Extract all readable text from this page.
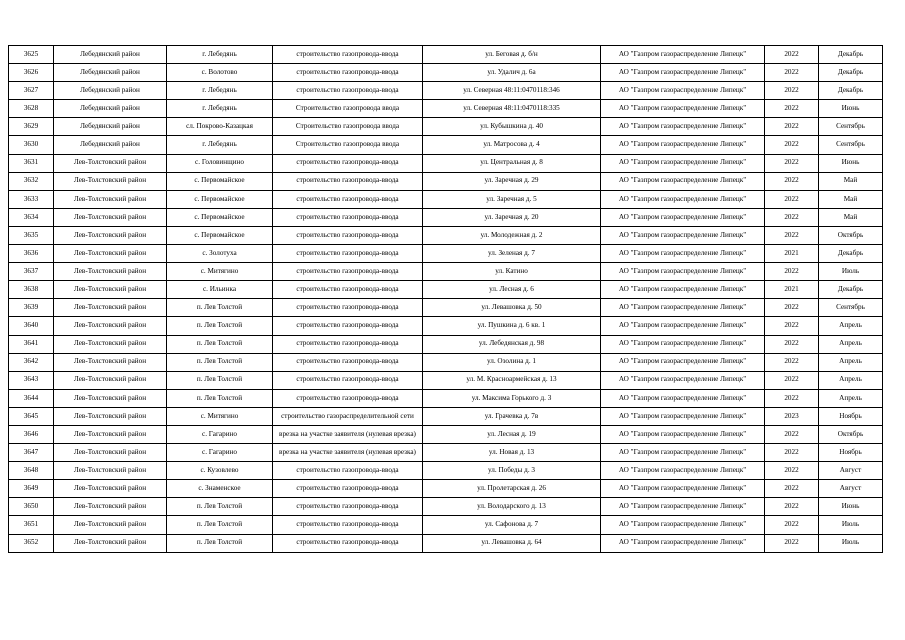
3625	Лебедянский район	г. Лебедянь	строительство газопровода-ввода	ул. Беговая д. б/н	АО "Газпром газораспределение Липецк"	2022	Декабрь
3626	Лебедянский район	с. Волотово	строительство газопровода-ввода	ул. Удалич д. 6а	АО "Газпром газораспределение Липецк"	2022	Декабрь
3627	Лебедянский район	г. Лебедянь	строительство газопровода-ввода	ул. Северная 48:11:0470118:346	АО "Газпром газораспределение Липецк"	2022	Декабрь
3628	Лебедянский район	г. Лебедянь	Строительство газопровода ввода	ул. Северная 48:11:0470118:335	АО "Газпром газораспределение Липецк"	2022	Июнь
3629	Лебедянский район	сл. Покрово-Казацкая	Строительство газопровода ввода	ул. Кубышкина д. 40	АО "Газпром газораспределение Липецк"	2022	Сентябрь
3630	Лебедянский район	г. Лебедянь	Строительство газопровода ввода	ул. Матросова д. 4	АО "Газпром газораспределение Липецк"	2022	Сентябрь
3631	Лев-Толстовский район	с. Головинщино	строительство газопровода-ввода	ул. Центральная д. 8	АО "Газпром газораспределение Липецк"	2022	Июнь
3632	Лев-Толстовский район	с. Первомайское	строительство газопровода-ввода	ул. Заречная д. 29	АО "Газпром газораспределение Липецк"	2022	Май
3633	Лев-Толстовский район	с. Первомайское	строительство газопровода-ввода	ул. Заречная д. 5	АО "Газпром газораспределение Липецк"	2022	Май
3634	Лев-Толстовский район	с. Первомайское	строительство газопровода-ввода	ул. Заречная д. 20	АО "Газпром газораспределение Липецк"	2022	Май
3635	Лев-Толстовский район	с. Первомайское	строительство газопровода-ввода	ул. Молодежная д. 2	АО "Газпром газораспределение Липецк"	2022	Октябрь
3636	Лев-Толстовский район	с. Золотуха	строительство газопровода-ввода	ул. Зеленая д. 7	АО "Газпром газораспределение Липецк"	2021	Декабрь
3637	Лев-Толстовский район	с. Митягино	строительство газопровода-ввода	ул. Катино	АО "Газпром газораспределение Липецк"	2022	Июль
3638	Лев-Толстовский район	с. Ильинка	строительство газопровода-ввода	ул. Лесная д. 6	АО "Газпром газораспределение Липецк"	2021	Декабрь
3639	Лев-Толстовский район	п. Лев Толстой	строительство газопровода-ввода	ул. Левашовка д. 50	АО "Газпром газораспределение Липецк"	2022	Сентябрь
3640	Лев-Толстовский район	п. Лев Толстой	строительство газопровода-ввода	ул. Пушкина д. 6 кв. 1	АО "Газпром газораспределение Липецк"	2022	Апрель
3641	Лев-Толстовский район	п. Лев Толстой	строительство газопровода-ввода	ул. Лебедянская д. 98	АО "Газпром газораспределение Липецк"	2022	Апрель
3642	Лев-Толстовский район	п. Лев Толстой	строительство газопровода-ввода	ул. Озолина д. 1	АО "Газпром газораспределение Липецк"	2022	Апрель
3643	Лев-Толстовский район	п. Лев Толстой	строительство газопровода-ввода	ул. М. Красноармейская д. 13	АО "Газпром газораспределение Липецк"	2022	Апрель
3644	Лев-Толстовский район	п. Лев Толстой	строительство газопровода-ввода	ул. Максима Горького д. 3	АО "Газпром газораспределение Липецк"	2022	Апрель
3645	Лев-Толстовский район	с. Митягино	строительство газораспределительной сети	ул. Грачевка д. 7в	АО "Газпром газораспределение Липецк"	2023	Ноябрь
3646	Лев-Толстовский район	с. Гагарино	врезка на участке заявителя (нулевая врезка)	ул. Лесная д. 19	АО "Газпром газораспределение Липецк"	2022	Октябрь
3647	Лев-Толстовский район	с. Гагарино	врезка на участке заявителя (нулевая врезка)	ул. Новая д. 13	АО "Газпром газораспределение Липецк"	2022	Ноябрь
3648	Лев-Толстовский район	с. Кузовлево	строительство газопровода-ввода	ул. Победы д. 3	АО "Газпром газораспределение Липецк"	2022	Август
3649	Лев-Толстовский район	с. Знаменское	строительство газопровода-ввода	ул. Пролетарская д. 26	АО "Газпром газораспределение Липецк"	2022	Август
3650	Лев-Толстовский район	п. Лев Толстой	строительство газопровода-ввода	ул. Володарского д. 13	АО "Газпром газораспределение Липецк"	2022	Июнь
3651	Лев-Толстовский район	п. Лев Толстой	строительство газопровода-ввода	ул. Сафонова д. 7	АО "Газпром газораспределение Липецк"	2022	Июль
3652	Лев-Толстовский район	п. Лев Толстой	строительство газопровода-ввода	ул. Левашовка д. 64	АО "Газпром газораспределение Липецк"	2022	Июль
